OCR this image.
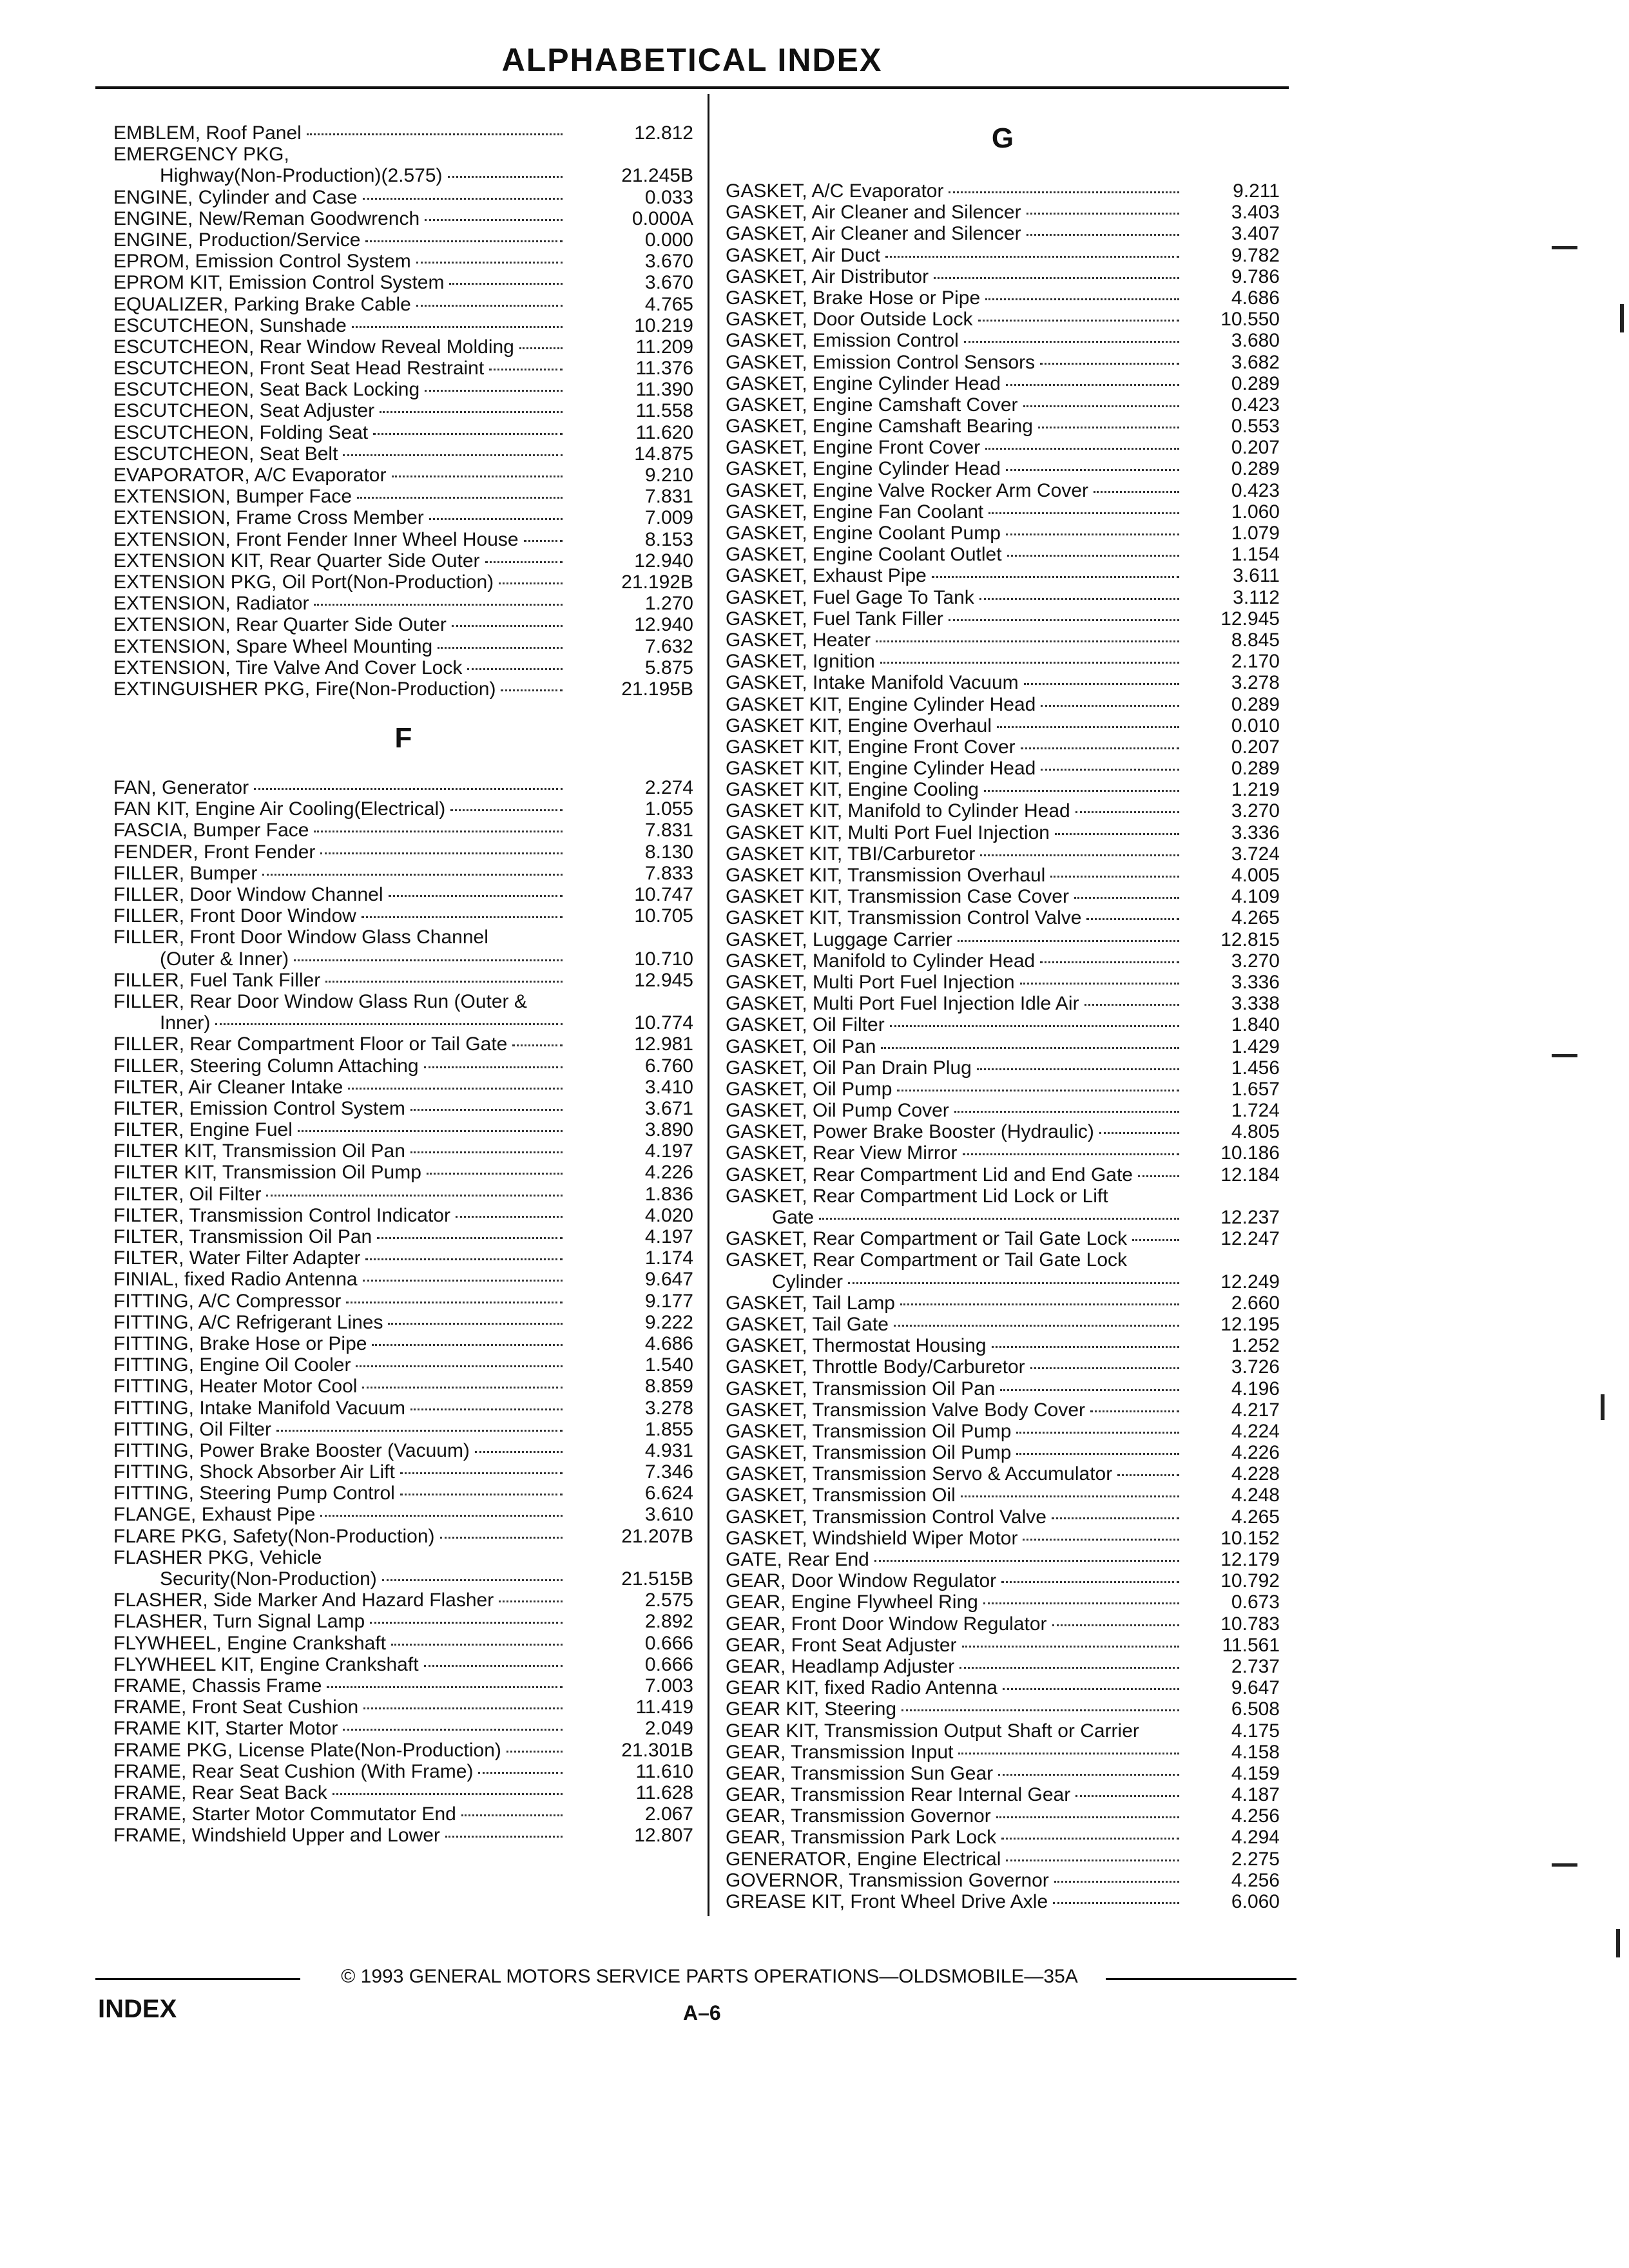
ALPHABETICAL INDEX
EMBLEM, Roof Panel	12.812
EMERGENCY PKG,
Highway(Non-Production)(2.575)	21.245B
ENGINE, Cylinder and Case	0.033
ENGINE, New/Reman Goodwrench	0.000A
ENGINE, Production/Service	0.000
EPROM, Emission Control System	3.670
EPROM KIT, Emission Control System	3.670
EQUALIZER, Parking Brake Cable	4.765
ESCUTCHEON, Sunshade	10.219
ESCUTCHEON, Rear Window Reveal Molding	11.209
ESCUTCHEON, Front Seat Head Restraint	11.376
ESCUTCHEON, Seat Back Locking	11.390
ESCUTCHEON, Seat Adjuster	11.558
ESCUTCHEON, Folding Seat	11.620
ESCUTCHEON, Seat Belt	14.875
EVAPORATOR, A/C Evaporator	9.210
EXTENSION, Bumper Face	7.831
EXTENSION, Frame Cross Member	7.009
EXTENSION, Front Fender Inner Wheel House	8.153
EXTENSION KIT, Rear Quarter Side Outer	12.940
EXTENSION PKG, Oil Port(Non-Production)	21.192B
EXTENSION, Radiator	1.270
EXTENSION, Rear Quarter Side Outer	12.940
EXTENSION, Spare Wheel Mounting	7.632
EXTENSION, Tire Valve And Cover Lock	5.875
EXTINGUISHER PKG, Fire(Non-Production)	21.195B
F
FAN, Generator	2.274
FAN KIT, Engine Air Cooling(Electrical)	1.055
FASCIA, Bumper Face	7.831
FENDER, Front Fender	8.130
FILLER, Bumper	7.833
FILLER, Door Window Channel	10.747
FILLER, Front Door Window	10.705
FILLER, Front Door Window Glass Channel
(Outer & Inner)	10.710
FILLER, Fuel Tank Filler	12.945
FILLER, Rear Door Window Glass Run (Outer &
Inner)	10.774
FILLER, Rear Compartment Floor or Tail Gate	12.981
FILLER, Steering Column Attaching	6.760
FILTER, Air Cleaner Intake	3.410
FILTER, Emission Control System	3.671
FILTER, Engine Fuel	3.890
FILTER KIT, Transmission Oil Pan	4.197
FILTER KIT, Transmission Oil Pump	4.226
FILTER, Oil Filter	1.836
FILTER, Transmission Control Indicator	4.020
FILTER, Transmission Oil Pan	4.197
FILTER, Water Filter Adapter	1.174
FINIAL, fixed Radio Antenna	9.647
FITTING, A/C Compressor	9.177
FITTING, A/C Refrigerant Lines	9.222
FITTING, Brake Hose or Pipe	4.686
FITTING, Engine Oil Cooler	1.540
FITTING, Heater Motor Cool	8.859
FITTING, Intake Manifold Vacuum	3.278
FITTING, Oil Filter	1.855
FITTING, Power Brake Booster (Vacuum)	4.931
FITTING, Shock Absorber Air Lift	7.346
FITTING, Steering Pump Control	6.624
FLANGE, Exhaust Pipe	3.610
FLARE PKG, Safety(Non-Production)	21.207B
FLASHER PKG, Vehicle
Security(Non-Production)	21.515B
FLASHER, Side Marker And Hazard Flasher	2.575
FLASHER, Turn Signal Lamp	2.892
FLYWHEEL, Engine Crankshaft	0.666
FLYWHEEL KIT, Engine Crankshaft	0.666
FRAME, Chassis Frame	7.003
FRAME, Front Seat Cushion	11.419
FRAME KIT, Starter Motor	2.049
FRAME PKG, License Plate(Non-Production)	21.301B
FRAME, Rear Seat Cushion (With Frame)	11.610
FRAME, Rear Seat Back	11.628
FRAME, Starter Motor Commutator End	2.067
FRAME, Windshield Upper and Lower	12.807
G
GASKET, A/C Evaporator	9.211
GASKET, Air Cleaner and Silencer	3.403
GASKET, Air Cleaner and Silencer	3.407
GASKET, Air Duct	9.782
GASKET, Air Distributor	9.786
GASKET, Brake Hose or Pipe	4.686
GASKET, Door Outside Lock	10.550
GASKET, Emission Control	3.680
GASKET, Emission Control Sensors	3.682
GASKET, Engine Cylinder Head	0.289
GASKET, Engine Camshaft Cover	0.423
GASKET, Engine Camshaft Bearing	0.553
GASKET, Engine Front Cover	0.207
GASKET, Engine Cylinder Head	0.289
GASKET, Engine Valve Rocker Arm Cover	0.423
GASKET, Engine Fan Coolant	1.060
GASKET, Engine Coolant Pump	1.079
GASKET, Engine Coolant Outlet	1.154
GASKET, Exhaust Pipe	3.611
GASKET, Fuel Gage To Tank	3.112
GASKET, Fuel Tank Filler	12.945
GASKET, Heater	8.845
GASKET, Ignition	2.170
GASKET, Intake Manifold Vacuum	3.278
GASKET KIT, Engine Cylinder Head	0.289
GASKET KIT, Engine Overhaul	0.010
GASKET KIT, Engine Front Cover	0.207
GASKET KIT, Engine Cylinder Head	0.289
GASKET KIT, Engine Cooling	1.219
GASKET KIT, Manifold to Cylinder Head	3.270
GASKET KIT, Multi Port Fuel Injection	3.336
GASKET KIT, TBI/Carburetor	3.724
GASKET KIT, Transmission Overhaul	4.005
GASKET KIT, Transmission Case Cover	4.109
GASKET KIT, Transmission Control Valve	4.265
GASKET, Luggage Carrier	12.815
GASKET, Manifold to Cylinder Head	3.270
GASKET, Multi Port Fuel Injection	3.336
GASKET, Multi Port Fuel Injection Idle Air	3.338
GASKET, Oil Filter	1.840
GASKET, Oil Pan	1.429
GASKET, Oil Pan Drain Plug	1.456
GASKET, Oil Pump	1.657
GASKET, Oil Pump Cover	1.724
GASKET, Power Brake Booster (Hydraulic)	4.805
GASKET, Rear View Mirror	10.186
GASKET, Rear Compartment Lid and End Gate	12.184
GASKET, Rear Compartment Lid Lock or Lift
Gate	12.237
GASKET, Rear Compartment or Tail Gate Lock	12.247
GASKET, Rear Compartment or Tail Gate Lock
Cylinder	12.249
GASKET, Tail Lamp	2.660
GASKET, Tail Gate	12.195
GASKET, Thermostat Housing	1.252
GASKET, Throttle Body/Carburetor	3.726
GASKET, Transmission Oil Pan	4.196
GASKET, Transmission Valve Body Cover	4.217
GASKET, Transmission Oil Pump	4.224
GASKET, Transmission Oil Pump	4.226
GASKET, Transmission Servo & Accumulator	4.228
GASKET, Transmission Oil	4.248
GASKET, Transmission Control Valve	4.265
GASKET, Windshield Wiper Motor	10.152
GATE, Rear End	12.179
GEAR, Door Window Regulator	10.792
GEAR, Engine Flywheel Ring	0.673
GEAR, Front Door Window Regulator	10.783
GEAR, Front Seat Adjuster	11.561
GEAR, Headlamp Adjuster	2.737
GEAR KIT, fixed Radio Antenna	9.647
GEAR KIT, Steering	6.508
GEAR KIT, Transmission Output Shaft or Carrier	4.175
GEAR, Transmission Input	4.158
GEAR, Transmission Sun Gear	4.159
GEAR, Transmission Rear Internal Gear	4.187
GEAR, Transmission Governor	4.256
GEAR, Transmission Park Lock	4.294
GENERATOR, Engine Electrical	2.275
GOVERNOR, Transmission Governor	4.256
GREASE KIT, Front Wheel Drive Axle	6.060
© 1993 GENERAL MOTORS SERVICE PARTS OPERATIONS—OLDSMOBILE—35A
INDEX	A–6
